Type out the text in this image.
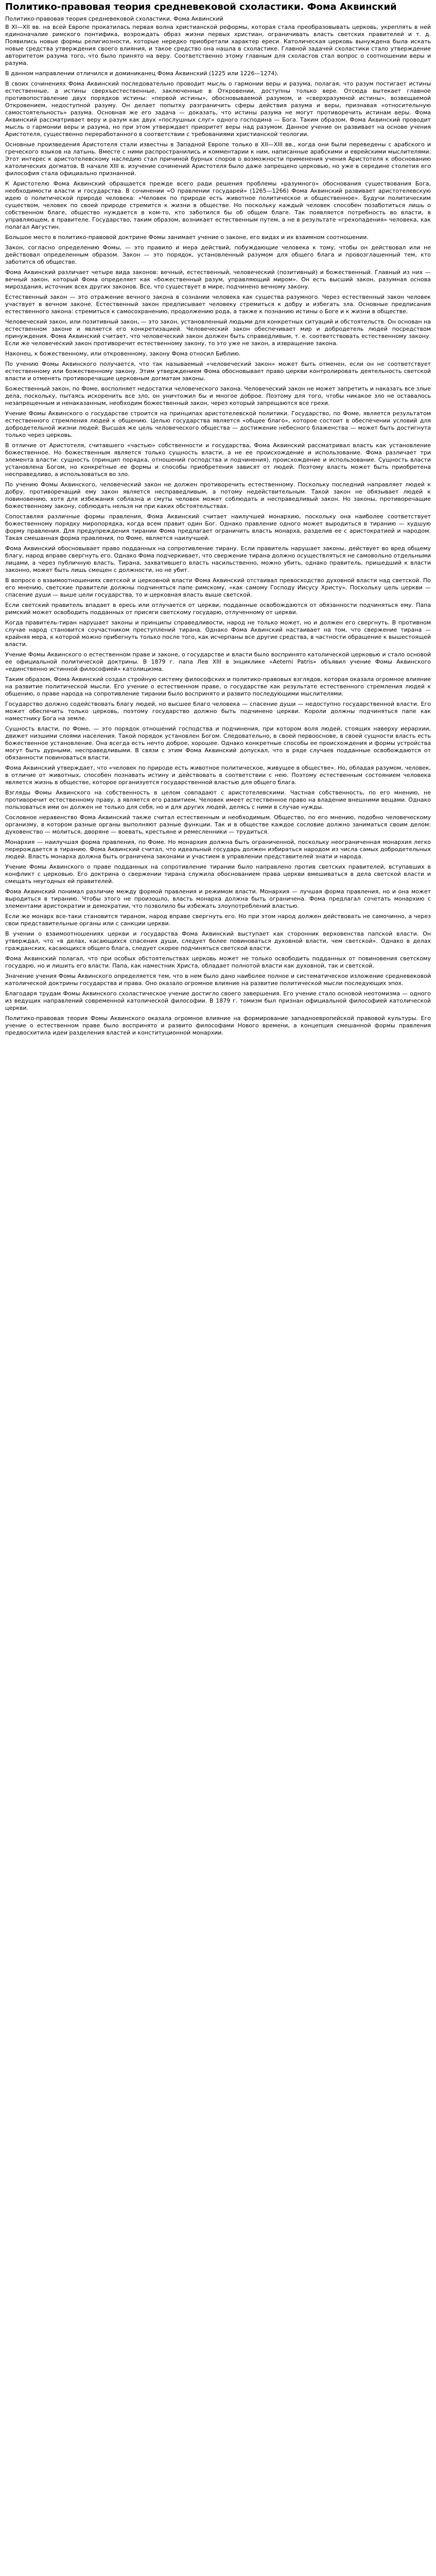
Политико-правовая теория средневековой схоластики. Фома Аквинский
Политико-правовая теория средневековой схоластики. Фома Аквинский

В XI—XII вв. на всей Европе прокатилась первая волна христианской реформы, которая стала преобразовывать церковь, укреплять в ней единоначалие римского понтифика, возрождать образ жизни первых христиан, ограничивать власть светских правителей и т. д. Появились новые формы религиозности, которые нередко приобретали характер ереси. Католическая церковь вынуждена была искать новые средства утверждения своего влияния, и такое средство она нашла в схоластике. Главной задачей схоластики стало утверждение авторитетом разума того, что было принято на веру. Соответственно этому главным для схоластов стал вопрос о соотношении веры и разума.

В данном направлении отличился и доминиканец Фома Аквинский (1225 или 1226—1274).

В своих сочинениях Фома Аквинский последовательно проводит мысль о гармонии веры и разума, полагая, что разум постигает истины естественные, а истины сверхъестественные, заключенные в Откровении, доступны только вере. Отсюда вытекает главное противопоставление двух порядков истины: «первой истины», обосновываемой разумом, и «сверхразумной истины», возвещаемой Откровением, недоступной разуму. Он делает попытку разграничить сферы действия разума и веры, признавая «относительную самостоятельность» разума. Основная же его задача — доказать, что истины разума не могут противоречить истинам веры. Фома Аквинский рассматривает веру и разум как двух «послушных слуг» одного господина — Бога. Таким образом, Фома Аквинский проводит мысль о гармонии веры и разума, но при этом утверждает приоритет веры над разумом. Данное учение он развивает на основе учения Аристотеля, существенно переработанного в соответствии с требованиями христианской теологии.

Основные произведения Аристотеля стали известны в Западной Европе только в XII—XIII вв., когда они были переведены с арабского и греческого языков на латынь. Вместе с ними распространились и комментарии к ним, написанные арабскими и еврейскими мыслителями. Этот интерес к аристотелевскому наследию стал причиной бурных споров о возможности применения учения Аристотеля к обоснованию католических догматов. В начале XIII в. изучение сочинений Аристотеля было даже запрещено церковью, но уже в середине столетия его философия стала официально признанной.

К Аристотелю Фома Аквинский обращается прежде всего ради решения проблемы «разумного» обоснования существования Бога, необходимости власти и государства. В сочинении «О правлении государей» (1265—1266) Фома Аквинский развивает аристотелевскую идею о политической природе человека: «Человек по природе есть животное политическое и общественное». Будучи политическим существом, человек по своей природе стремится к жизни в обществе. Но поскольку каждый человек способен позаботиться лишь о собственном благе, общество нуждается в ком-то, кто заботился бы об общем благе. Так появляется потребность во власти, в управляющем, в правителе. Государство, таким образом, возникает естественным путем, а не в результате «грехопадения» человека, как полагал Августин.

Большое место в политико-правовой доктрине Фомы занимает учение о законе, его видах и их взаимном соотношении.

Закон, согласно определению Фомы, — это правило и мера действий, побуждающие человека к тому, чтобы он действовал или не действовал определенным образом. Закон — это порядок, установленный разумом для общего блага и провозглашенный тем, кто заботится об обществе.

Фома Аквинский различает четыре вида законов: вечный, естественный, человеческий (позитивный) и божественный. Главный из них — вечный закон, который Фома определяет как «божественный разум, управляющий миром». Он есть высший закон, разумная основа мироздания, источник всех других законов. Все, что существует в мире, подчинено вечному закону.

Естественный закон — это отражение вечного закона в сознании человека как существа разумного. Через естественный закон человек участвует в вечном законе. Естественный закон предписывает человеку стремиться к добру и избегать зла. Основные предписания естественного закона: стремиться к самосохранению, продолжению рода, а также к познанию истины о Боге и к жизни в обществе.

Человеческий закон, или позитивный закон, — это закон, установленный людьми для конкретных ситуаций и обстоятельств. Он основан на естественном законе и является его конкретизацией. Человеческий закон обеспечивает мир и добродетель людей посредством принуждения. Фома Аквинский считает, что человеческий закон должен быть справедливым, т. е. соответствовать естественному закону. Если же человеческий закон противоречит естественному закону, то это уже не закон, а извращение закона.

Наконец, к божественному, или откровенному, закону Фома относил Библию.

По учению Фомы Аквинского получается, что так называемый «человеческий закон» может быть отменен, если он не соответствует естественному или божественному закону. Этим утверждением Фома обосновывает право церкви контролировать деятельность светской власти и отменять противоречащие церковным догматам законы.

Божественный закон, по Фоме, восполняет недостатки человеческого закона. Человеческий закон не может запретить и наказать все злые дела, поскольку, пытаясь искоренить все зло, он уничтожил бы и многое доброе. Поэтому для того, чтобы никакое зло не оставалось незапрещенным и ненаказанным, необходим божественный закон, через который запрещаются все грехи.

Учение Фомы Аквинского о государстве строится на принципах аристотелевской политики. Государство, по Фоме, является результатом естественного стремления людей к общению. Целью государства является «общее благо», которое состоит в обеспечении условий для добродетельной жизни людей. Высшая же цель человеческого общества — достижение небесного блаженства — может быть достигнута только через церковь.

В отличие от Аристотеля, считавшего «частью» собственности и государства, Фома Аквинский рассматривал власть как установление божественное. Но божественным является только сущность власти, а не ее происхождение и использование. Фома различает три элемента власти: сущность (принцип порядка, отношений господства и подчинения), происхождение и использование. Сущность власти установлена Богом, но конкретные ее формы и способы приобретения зависят от людей. Поэтому власть может быть приобретена несправедливо, а использоваться во зло.

По учению Фомы Аквинского, человеческий закон не должен противоречить естественному. Поскольку последний направляет людей к добру, противоречащий ему закон является несправедливым, а потому недействительным. Такой закон не обязывает людей к повиновению, хотя для избежания соблазна и смуты человек может соблюдать и несправедливый закон. Но законы, противоречащие божественному закону, соблюдать нельзя ни при каких обстоятельствах.

Сопоставляя различные формы правления, Фома Аквинский считает наилучшей монархию, поскольку она наиболее соответствует божественному порядку миропорядка, когда всем правит один Бог. Однако правление одного может выродиться в тиранию — худшую форму правления. Для предупреждения тирании Фома предлагает ограничить власть монарха, разделив ее с аристократией и народом. Такая смешанная форма правления, по Фоме, является наилучшей.

Фома Аквинский обосновывает право подданных на сопротивление тирану. Если правитель нарушает законы, действует во вред общему благу, народ вправе свергнуть его. Однако Фома подчеркивает, что свержение тирана должно осуществляться не самовольно отдельными лицами, а через публичную власть. Тирана, захватившего власть насильственно, можно убить, однако правитель, пришедший к власти законно, может быть лишь смещен с должности, но не убит.

В вопросе о взаимоотношениях светской и церковной власти Фома Аквинский отстаивал превосходство духовной власти над светской. По его мнению, светские правители должны подчиняться папе римскому, «как самому Господу Иисусу Христу». Поскольку цель церкви — спасение души — выше цели государства, то и церковная власть выше светской.

Если светский правитель впадает в ересь или отлучается от церкви, подданные освобождаются от обязанности подчиняться ему. Папа римский может освободить подданных от присяги светскому государю, отлученному от церкви.

Когда правитель-тиран нарушает законы и принципы справедливости, народ не только может, но и должен его свергнуть. В противном случае народ становится соучастником преступлений тирана. Однако Фома Аквинский настаивает на том, что свержение тирана — крайняя мера, к которой можно прибегнуть только после того, как исчерпаны все другие средства, в частности обращение к вышестоящей власти.

Учение Фомы Аквинского о естественном праве и законе, о государстве и власти было воспринято католической церковью и стало основой ее официальной политической доктрины. В 1879 г. папа Лев XIII в энциклике «Aeterni Patris» объявил учение Фомы Аквинского «единственно истинной философией» католицизма.

Таким образом, Фома Аквинский создал стройную систему философских и политико-правовых взглядов, которая оказала огромное влияние на развитие политической мысли. Его учение о естественном праве, о государстве как результате естественного стремления людей к общению, о праве народа на сопротивление тирании было воспринято и развито последующими мыслителями.

Государство должно содействовать благу людей, но высшее благо человека — спасение души — недоступно государственной власти. Его может обеспечить только церковь, поэтому государство должно быть подчинено церкви. Короли должны подчиняться папе как наместнику Бога на земле.

Сущность власти, по Фоме, — это порядок отношений господства и подчинения, при котором воля людей, стоящих наверху иерархии, движет низшими слоями населения. Такой порядок установлен Богом. Следовательно, в своей первооснове, в своей сущности власть есть божественное установление. Она всегда есть нечто доброе, хорошее. Однако конкретные способы ее происхождения и формы устройства могут быть дурными, несправедливыми. В связи с этим Фома Аквинский допускал, что в ряде случаев подданные освобождаются от обязанности повиноваться власти.

Фома Аквинский утверждает, что «человек по природе есть животное политическое, живущее в обществе». Но, обладая разумом, человек, в отличие от животных, способен познавать истину и действовать в соответствии с нею. Поэтому естественным состоянием человека является жизнь в обществе, которое организуется государственной властью для общего блага.

Взгляды Фомы Аквинского на собственность в целом совпадают с аристотелевскими. Частная собственность, по его мнению, не противоречит естественному праву, а является его развитием. Человек имеет естественное право на владение внешними вещами. Однако пользоваться ими он должен не только для себя, но и для других людей, делясь с ними в случае нужды.

Сословное неравенство Фома Аквинский также считал естественным и необходимым. Общество, по его мнению, подобно человеческому организму, в котором разные органы выполняют разные функции. Так и в обществе каждое сословие должно заниматься своим делом: духовенство — молиться, дворяне — воевать, крестьяне и ремесленники — трудиться.

Монархия — наилучшая форма правления, по Фоме. Но монархия должна быть ограниченной, поскольку неограниченная монархия легко перерождается в тиранию. Фома Аквинский считал, что идеальный государь должен избираться народом из числа самых добродетельных людей. Власть монарха должна быть ограничена законами и участием в управлении представителей знати и народа.

Учение Фомы Аквинского о праве подданных на сопротивление тирании было направлено против светских правителей, вступавших в конфликт с церковью. Его доктрина о свержении тирана служила обоснованием права церкви вмешиваться в дела светской власти и смещать неугодных ей правителей.

Фома Аквинский понимал различие между формой правления и режимом власти. Монархия — лучшая форма правления, но и она может выродиться в тиранию. Чтобы этого не произошло, власть монарха должна быть ограничена. Фома предлагал сочетать монархию с элементами аристократии и демократии, что позволило бы избежать злоупотреблений властью.

Если же монарх все-таки становится тираном, народ вправе свергнуть его. Но при этом народ должен действовать не самочинно, а через свои представительные органы или с санкции церкви.

В учении о взаимоотношениях церкви и государства Фома Аквинский выступает как сторонник верховенства папской власти. Он утверждал, что «в делах, касающихся спасения души, следует более повиноваться духовной власти, чем светской». Однако в делах гражданских, касающихся общего блага, следует скорее подчиняться светской власти.

Фома Аквинский полагал, что при особых обстоятельствах церковь может не только освободить подданных от повиновения светскому государю, но и лишить его власти. Папа, как наместник Христа, обладает полнотой власти как духовной, так и светской.

Значение учения Фомы Аквинского определяется тем, что в нем было дано наиболее полное и систематическое изложение средневековой католической доктрины государства и права. Оно оказало огромное влияние на развитие политической мысли последующих эпох.

Благодаря трудам Фомы Аквинского схоластическое учение достигло своего завершения. Его учение стало основой неотомизма — одного из ведущих направлений современной католической философии. В 1879 г. томизм был признан официальной философией католической церкви.

Политико-правовая теория Фомы Аквинского оказала огромное влияние на формирование западноевропейской правовой культуры. Его учение о естественном праве было воспринято и развито философами Нового времени, а концепция смешанной формы правления предвосхитила идеи разделения властей и конституционной монархии.
